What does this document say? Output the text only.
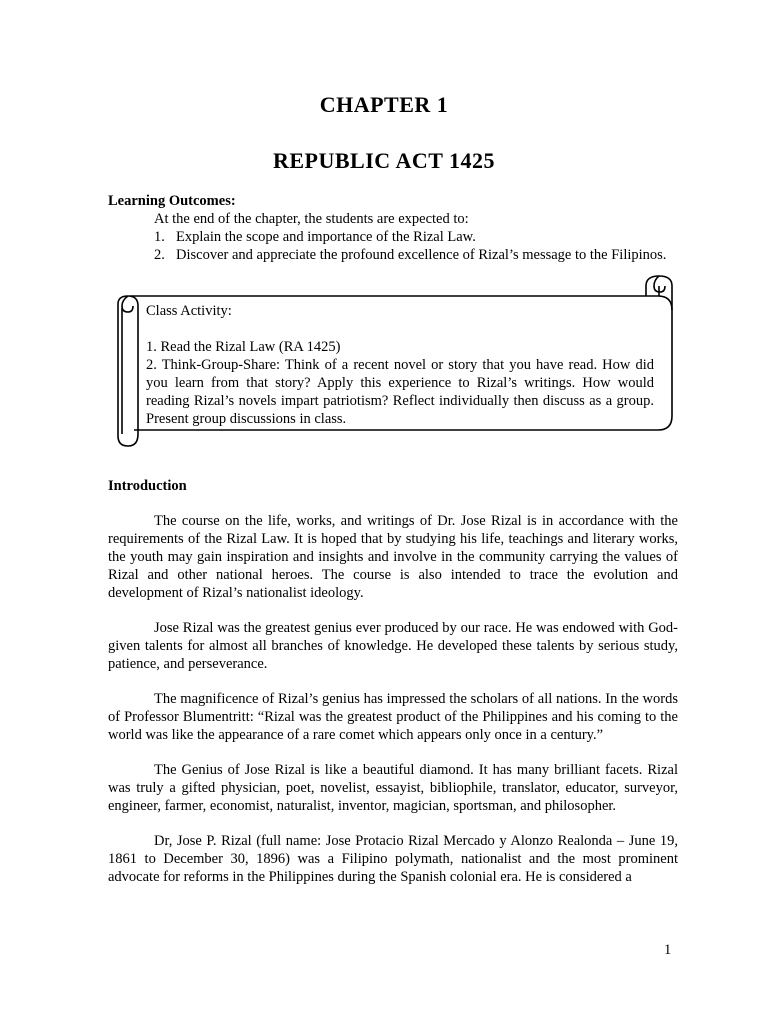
CHAPTER 1
REPUBLIC ACT 1425
Learning Outcomes:
At the end of the chapter, the students are expected to:
1. Explain the scope and importance of the Rizal Law.
2. Discover and appreciate the profound excellence of Rizal’s message to the Filipinos.

Class Activity:

1. Read the Rizal Law (RA 1425)

2. Think-Group-Share: Think of a recent novel or story that you have read. How did you learn from that story? Apply this experience to Rizal’s writings. How would reading Rizal’s novels impart patriotism? Reflect individually then discuss as a group. Present group discussions in class.

Introduction

The course on the life, works, and writings of Dr. Jose Rizal is in accordance with the requirements of the Rizal Law. It is hoped that by studying his life, teachings and literary works, the youth may gain inspiration and insights and involve in the community carrying the values of Rizal and other national heroes. The course is also intended to trace the evolution and development of Rizal’s nationalist ideology.

Jose Rizal was the greatest genius ever produced by our race. He was endowed with God-given talents for almost all branches of knowledge. He developed these talents by serious study, patience, and perseverance.

The magnificence of Rizal’s genius has impressed the scholars of all nations. In the words of Professor Blumentritt: “Rizal was the greatest product of the Philippines and his coming to the world was like the appearance of a rare comet which appears only once in a century.”

The Genius of Jose Rizal is like a beautiful diamond. It has many brilliant facets. Rizal was truly a gifted physician, poet, novelist, essayist, bibliophile, translator, educator, surveyor, engineer, farmer, economist, naturalist, inventor, magician, sportsman, and philosopher.

Dr, Jose P. Rizal (full name: Jose Protacio Rizal Mercado y Alonzo Realonda – June 19, 1861 to December 30, 1896) was a Filipino polymath, nationalist and the most prominent advocate for reforms in the Philippines during the Spanish colonial era. He is considered a

1
